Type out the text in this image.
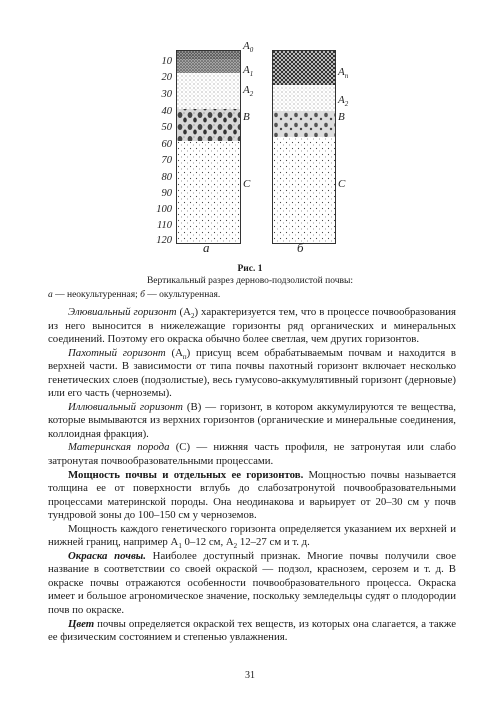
10
20
30
40
50
60
70
80
90
100
110
120
$A_0$
$A_1$
$A_2$
B
C
$A_п$
$A_2$
B
C
а	б
Рис. 1
Вертикальный разрез дерново-подзолистой почвы:
а — неокультуренная; б — окультуренная.

Элювиальный горизонт $(A_2)$ характеризуется тем, что в процессе почвообразования из него выносится в нижележащие горизонты ряд органических и минеральных соединений. Поэтому его окраска обычно более светлая, чем других горизонтов.

Пахотный горизонт $(A_п)$ присущ всем обрабатываемым почвам и находится в верхней части. В зависимости от типа почвы пахотный горизонт включает несколько генетических слоев (подзолистые), весь гумусово-аккумулятивный горизонт (дерновые) или его часть (черноземы).

Иллювиальный горизонт (В) — горизонт, в котором аккумулируются те вещества, которые вымываются из верхних горизонтов (органические и минеральные соединения, коллоидная фракция).

Материнская порода (С) — нижняя часть профиля, не затронутая или слабо затронутая почвообразовательными процессами.

Мощность почвы и отдельных ее горизонтов. Мощностью почвы называется толщина ее от поверхности вглубь до слабозатронутой почвообразовательными процессами материнской породы. Она неодинакова и варьирует от 20–30 см у почв тундровой зоны до 100–150 см у черноземов.

Мощность каждого генетического горизонта определяется указанием их верхней и нижней границ, например $А_1$ 0–12 см, $А_2$ 12–27 см и т. д.

Окраска почвы. Наиболее доступный признак. Многие почвы получили свое название в соответствии со своей окраской — подзол, краснозем, серозем и т. д. В окраске почвы отражаются особенности почвообразовательного процесса. Окраска имеет и большое агрономическое значение, поскольку земледельцы судят о плодородии почв по окраске.

Цвет почвы определяется окраской тех веществ, из которых она слагается, а также ее физическим состоянием и степенью увлажнения.

31
